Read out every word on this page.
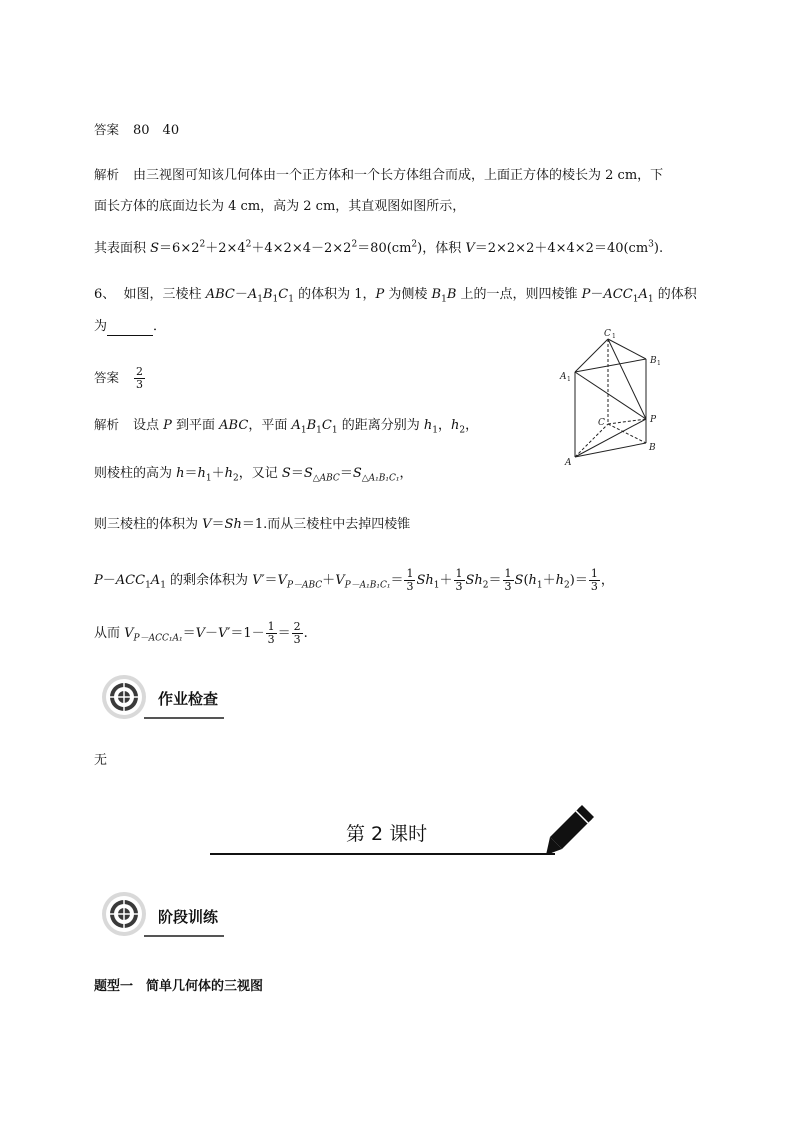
答案 80　40
解析 由三视图可知该几何体由一个正方体和一个长方体组合而成，上面正方体的棱长为 2 cm，下
面长方体的底面边长为 4 cm，高为 2 cm，其直观图如图所示，
其表面积 $S=6\times 2^2+2\times 4^2+4\times 2\times 4-2\times 2^2=80(cm^2)$，体积 $V=2\times 2\times 2+4\times 4\times 2=40(cm^3)$.
6、 如图，三棱柱 $ABC-A_1B_1C_1$ 的体积为 1，P 为侧棱 $B_1B$ 上的一点，则四棱锥 $P-ACC_1A_1$ 的体积
为	．
答案 $\frac{2}{3}$
解析 设点 P 到平面 ABC，平面 $A_1B_1C_1$ 的距离分别为 $h_1$，$h_2$，
则棱柱的高为 $h=h_1+h_2$，又记 $S=S_{\triangle ABC}=S_{\triangle A_1B_1C_1}$，
则三棱柱的体积为 V＝Sh＝1.而从三棱柱中去掉四棱锥
$P-ACC_1A_1$ 的剩余体积为 $V'=V_{P-ABC}+V_{P-A_1B_1C_1}= \frac{1}{3} Sh_1+ \frac{1}{3} Sh_2= \frac{1}{3} S(h_1+h_2)= \frac{1}{3}$ ，
从而 $V_{P-ACC_1A_1}=V-V'=1- \frac{1}{3} = \frac{2}{3}$ .
C 1
B 1
A 1
C	P
B
A
作业检查
无
第 2 课时
阶段训练
题型一　简单几何体的三视图
